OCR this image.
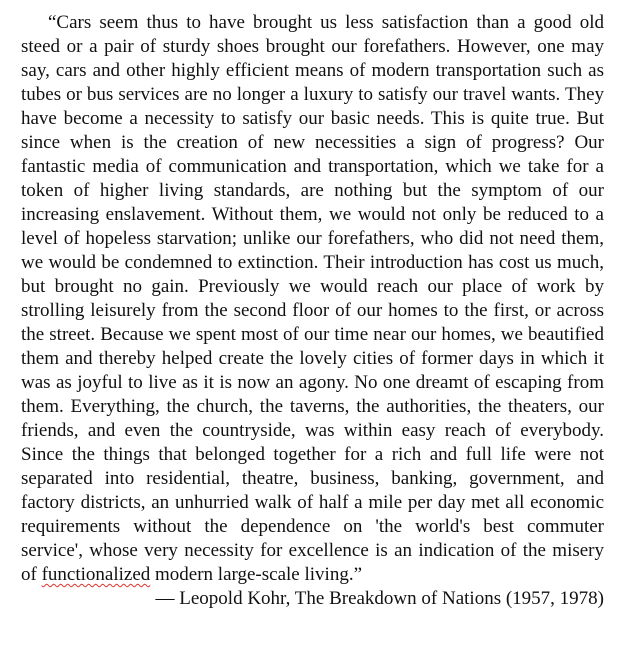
“Cars seem thus to have brought us less satisfaction than a good old steed or a pair of sturdy shoes brought our forefathers. However, one may say, cars and other highly efficient means of modern transportation such as tubes or bus services are no longer a luxury to satisfy our travel wants. They have become a necessity to satisfy our basic needs. This is quite true. But since when is the creation of new necessities a sign of progress? Our fantastic media of communication and transportation, which we take for a token of higher living standards, are nothing but the symptom of our increasing enslavement. Without them, we would not only be reduced to a level of hopeless starvation; unlike our forefathers, who did not need them, we would be condemned to extinction. Their introduction has cost us much, but brought no gain. Previously we would reach our place of work by strolling leisurely from the second floor of our homes to the first, or across the street. Because we spent most of our time near our homes, we beautified them and thereby helped create the lovely cities of former days in which it was as joyful to live as it is now an agony. No one dreamt of escaping from them. Everything, the church, the taverns, the authorities, the theaters, our friends, and even the countryside, was within easy reach of everybody. Since the things that belonged together for a rich and full life were not separated into residential, theatre, business, banking, government, and factory districts, an unhurried walk of half a mile per day met all economic requirements without the dependence on 'the world's best commuter service', whose very necessity for excellence is an indication of the misery of functionalized modern large-scale living.”

— Leopold Kohr, The Breakdown of Nations (1957, 1978)
